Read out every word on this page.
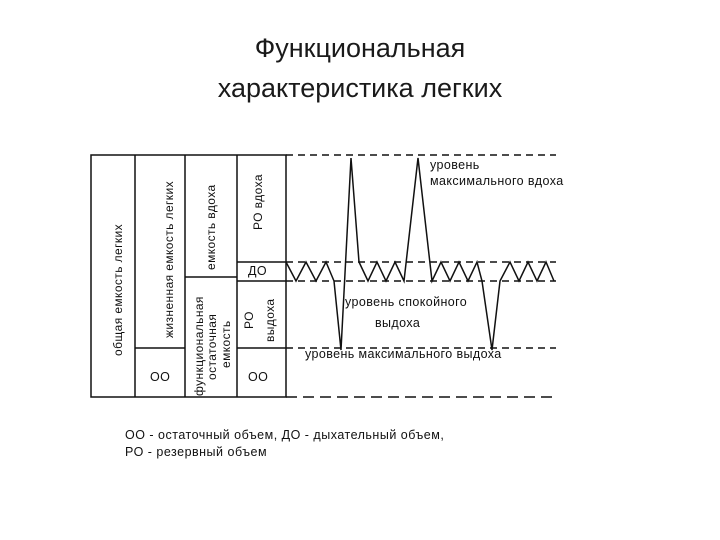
Функциональная
характеристика легких
общая емкость легких	жизненная емкость легких емкость вдоха	РО вдоха
РО выдоха
функциональная остаточная емкость
ДО
ОО	ОО
уровень
максимального вдоха
уровень спокойного
выдоха
уровень максимального выдоха
ОО - остаточный объем, ДО - дыхательный объем,
РО - резервный объем
